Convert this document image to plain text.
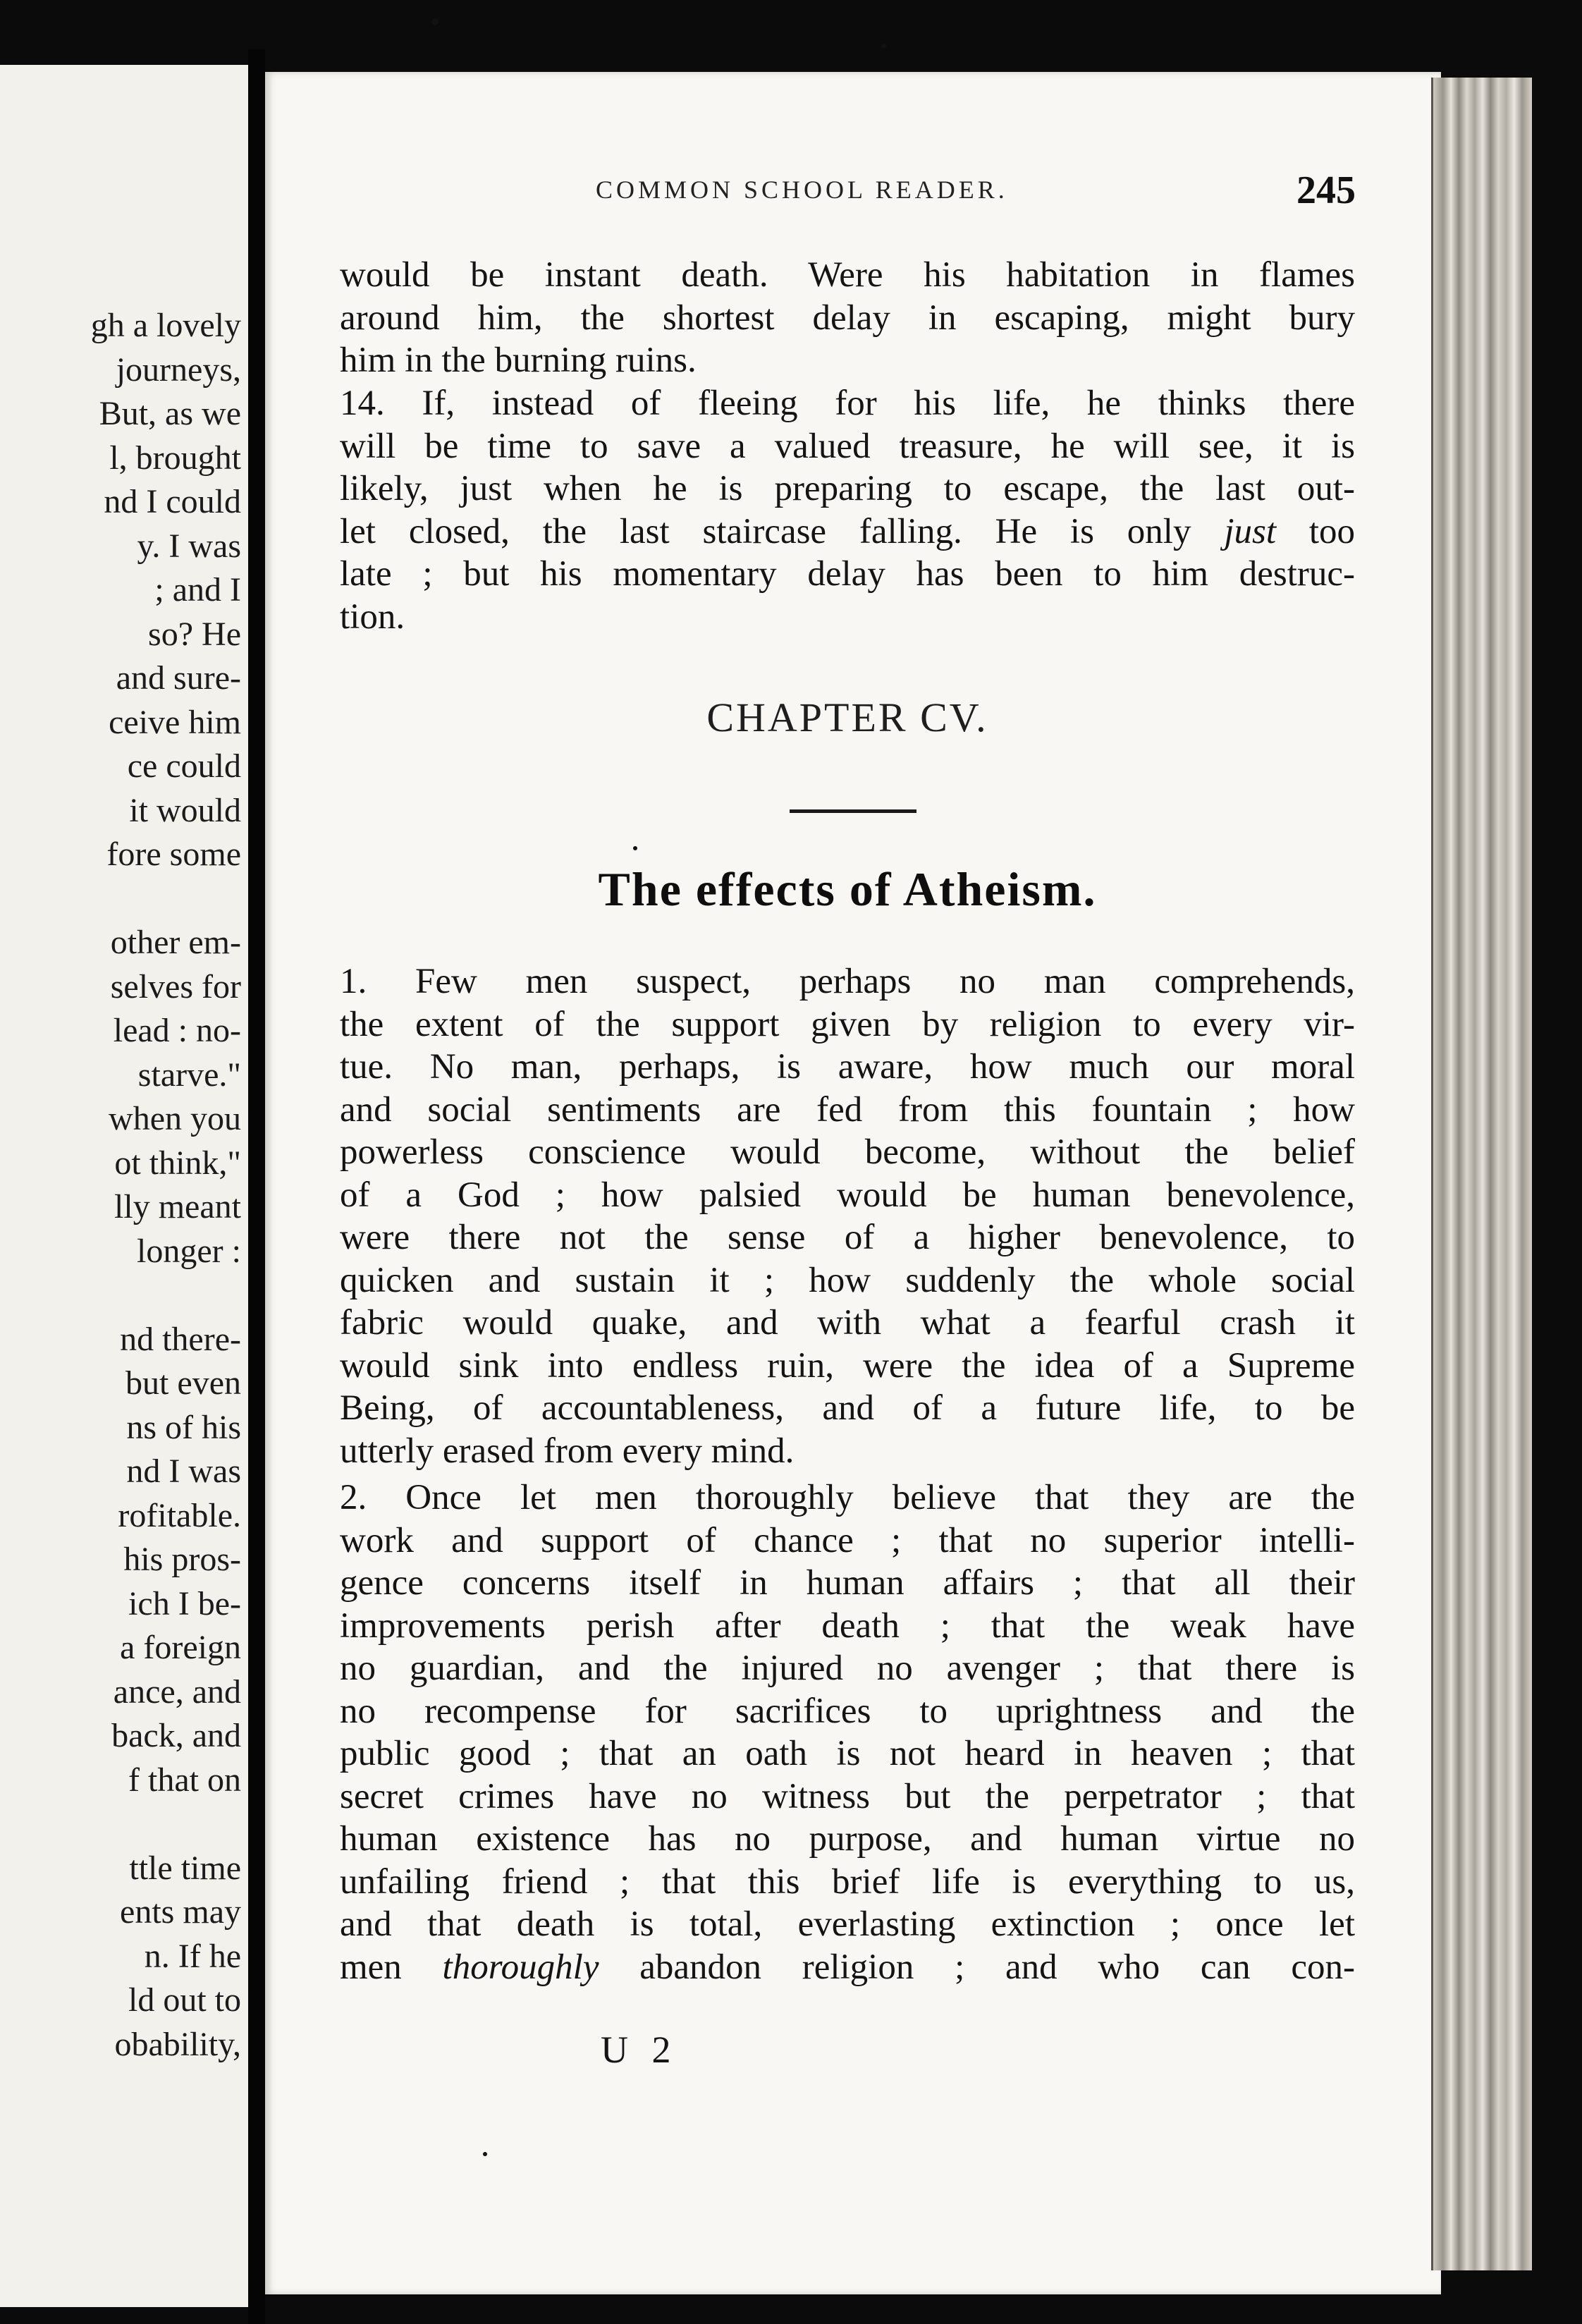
gh a lovely
journeys,
But, as we
l, brought
nd I could
y. I was
; and I
so? He
and sure-
ceive him
ce could
it would
fore some
other em-
selves for
lead : no-
starve."
when you
ot think,"
lly meant
longer :
nd there-
but even
ns of his
nd I was
rofitable.
his pros-
ich I be-
a foreign
ance, and
back, and
f that on
ttle time
ents may
n. If he
ld out to
obability,
COMMON SCHOOL READER.	245

would be instant death. Were his habitation in flames
around him, the shortest delay in escaping, might bury
him in the burning ruins.

14. If, instead of fleeing for his life, he thinks there
will be time to save a valued treasure, he will see, it is
likely, just when he is preparing to escape, the last out-
let closed, the last staircase falling. He is only just too
late ; but his momentary delay has been to him destruc-
tion.

CHAPTER CV.
The effects of Atheism.

1. Few men suspect, perhaps no man comprehends,
the extent of the support given by religion to every vir-
tue. No man, perhaps, is aware, how much our moral
and social sentiments are fed from this fountain ; how
powerless conscience would become, without the belief
of a God ; how palsied would be human benevolence,
were there not the sense of a higher benevolence, to
quicken and sustain it ; how suddenly the whole social
fabric would quake, and with what a fearful crash it
would sink into endless ruin, were the idea of a Supreme
Being, of accountableness, and of a future life, to be
utterly erased from every mind.

2. Once let men thoroughly believe that they are the
work and support of chance ; that no superior intelli-
gence concerns itself in human affairs ; that all their
improvements perish after death ; that the weak have
no guardian, and the injured no avenger ; that there is
no recompense for sacrifices to uprightness and the
public good ; that an oath is not heard in heaven ; that
secret crimes have no witness but the perpetrator ; that
human existence has no purpose, and human virtue no
unfailing friend ; that this brief life is everything to us,
and that death is total, everlasting extinction ; once let
men thoroughly abandon religion ; and who can con-

U 2
